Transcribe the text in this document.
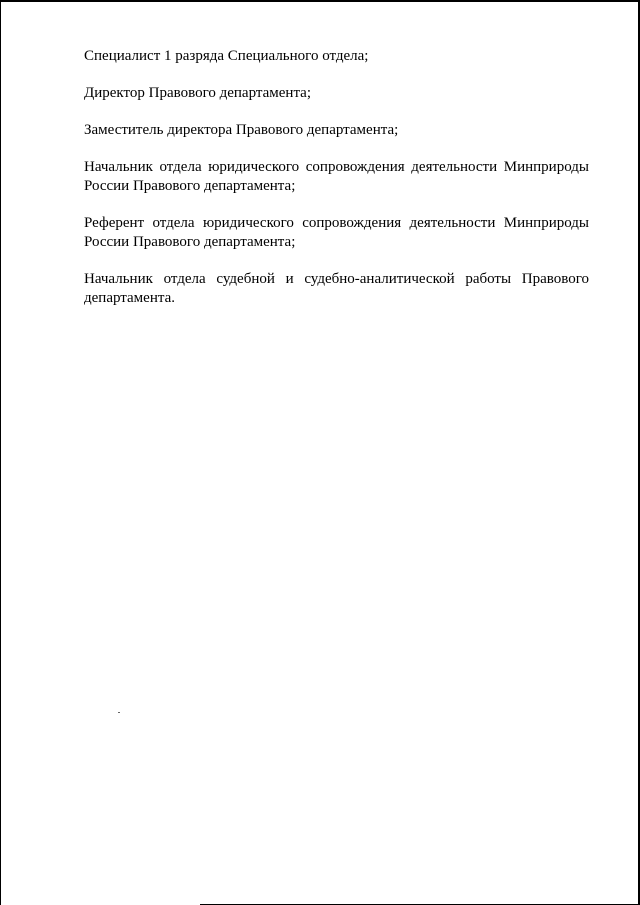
Специалист 1 разряда Специального отдела;

Директор Правового департамента;

Заместитель директора Правового департамента;

Начальник отдела юридического сопровождения деятельности Минприроды России Правового департамента;

Референт отдела юридического сопровождения деятельности Минприроды России Правового департамента;

Начальник отдела судебной и судебно-аналитической работы Правового департамента.
